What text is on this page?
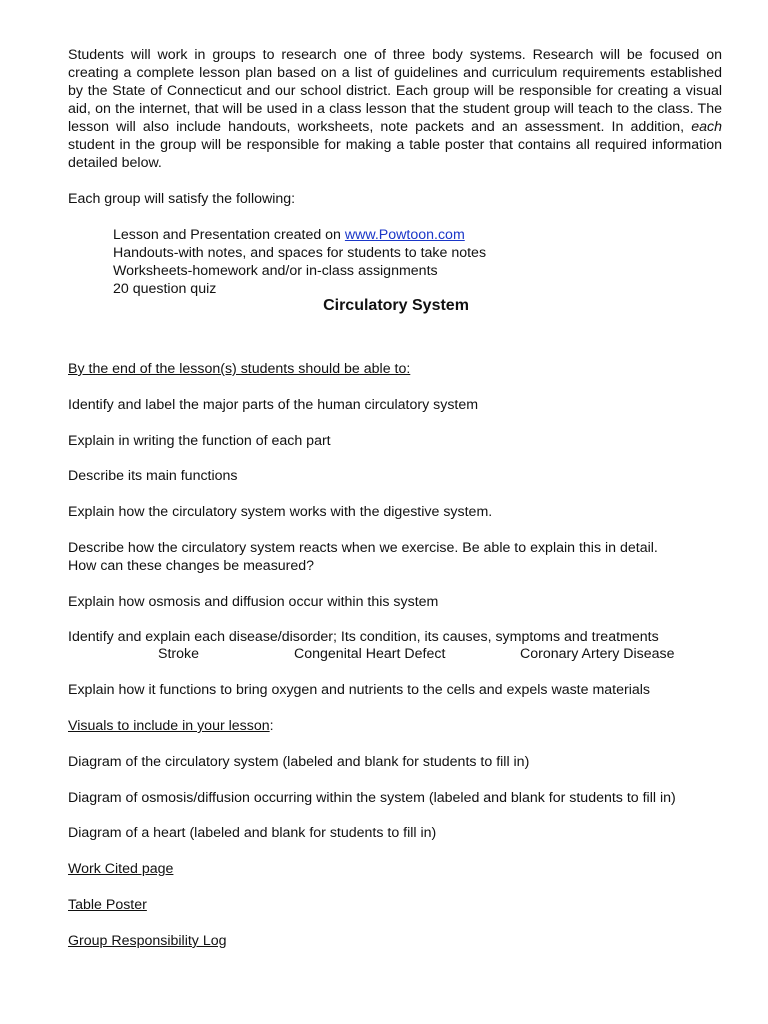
Students will work in groups to research one of three body systems. Research will be focused on creating a complete lesson plan based on a list of guidelines and curriculum requirements established by the State of Connecticut and our school district. Each group will be responsible for creating a visual aid, on the internet, that will be used in a class lesson that the student group will teach to the class. The lesson will also include handouts, worksheets, note packets and an assessment. In addition, each student in the group will be responsible for making a table poster that contains all required information detailed below.

Each group will satisfy the following:

Lesson and Presentation created on www.Powtoon.com

Handouts-with notes, and spaces for students to take notes

Worksheets-homework and/or in-class assignments

20 question quiz

Circulatory System

By the end of the lesson(s) students should be able to:

Identify and label the major parts of the human circulatory system

Explain in writing the function of each part

Describe its main functions

Explain how the circulatory system works with the digestive system.

Describe how the circulatory system reacts when we exercise. Be able to explain this in detail.

How can these changes be measured?

Explain how osmosis and diffusion occur within this system

Identify and explain each disease/disorder; Its condition, its causes, symptoms and treatments

Stroke	Congenital Heart Defect	Coronary Artery Disease

Explain how it functions to bring oxygen and nutrients to the cells and expels waste materials

Visuals to include in your lesson:

Diagram of the circulatory system (labeled and blank for students to fill in)

Diagram of osmosis/diffusion occurring within the system (labeled and blank for students to fill in)

Diagram of a heart (labeled and blank for students to fill in)

Work Cited page

Table Poster

Group Responsibility Log
